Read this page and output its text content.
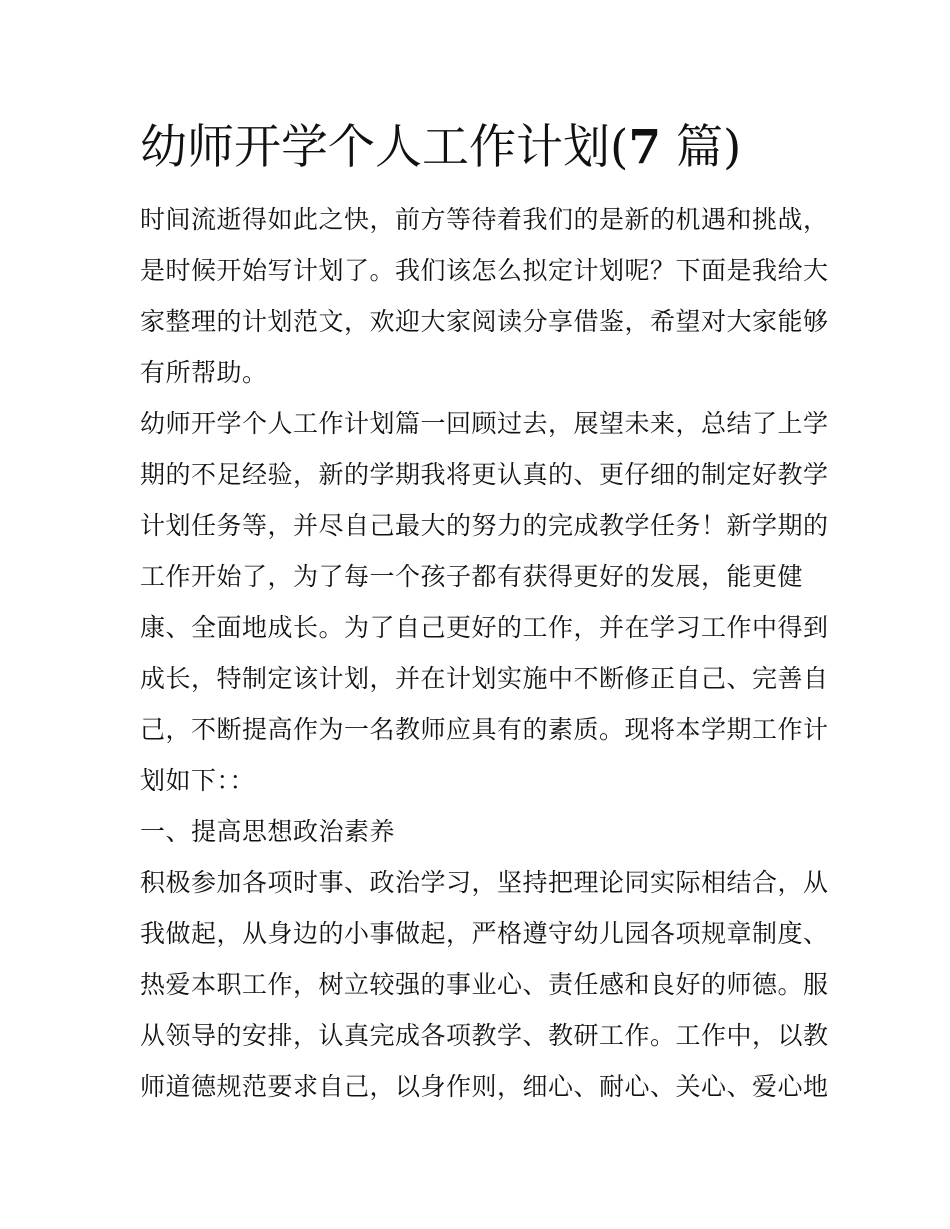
幼师开学个人工作计划(7 篇)
时间流逝得如此之快，前方等待着我们的是新的机遇和挑战，
是时候开始写计划了。我们该怎么拟定计划呢？下面是我给大
家整理的计划范文，欢迎大家阅读分享借鉴，希望对大家能够
有所帮助。
幼师开学个人工作计划篇一回顾过去，展望未来，总结了上学
期的不足经验，新的学期我将更认真的、更仔细的制定好教学
计划任务等，并尽自己最大的努力的完成教学任务！新学期的
工作开始了，为了每一个孩子都有获得更好的发展，能更健
康、全面地成长。为了自己更好的工作，并在学习工作中得到
成长，特制定该计划，并在计划实施中不断修正自己、完善自
己，不断提高作为一名教师应具有的素质。现将本学期工作计
划如下：：
一、提高思想政治素养
积极参加各项时事、政治学习，坚持把理论同实际相结合，从
我做起，从身边的小事做起，严格遵守幼儿园各项规章制度、
热爱本职工作，树立较强的事业心、责任感和良好的师德。服
从领导的安排，认真完成各项教学、教研工作。工作中，以教
师道德规范要求自己，以身作则，细心、耐心、关心、爱心地
